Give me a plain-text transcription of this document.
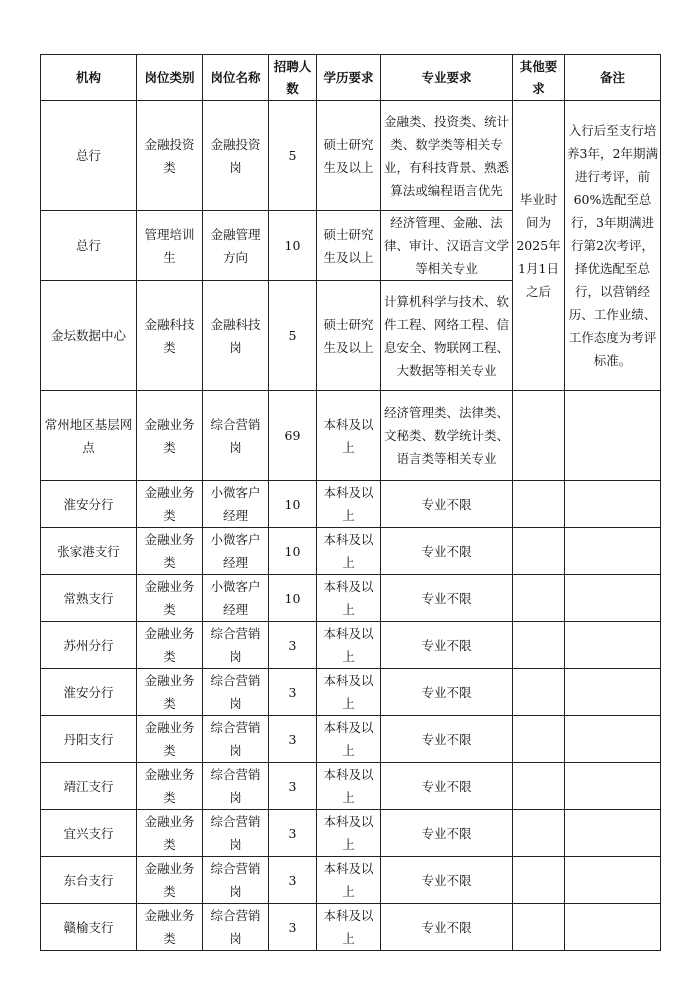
机构	岗位类别	岗位名称	招聘人数	学历要求	专业要求	其他要求	备注
总行	金融投资类	金融投资岗	5	硕士研究生及以上	金融类、投资类、统计类、数学类等相关专业，有科技背景、熟悉算法或编程语言优先	毕业时间为2025年1月1日之后	入行后至支行培养3年，2年期满进行考评，前60%选配至总行，3年期满进行第2次考评，择优选配至总行，以营销经历、工作业绩、工作态度为考评标准。
总行	管理培训生	金融管理方向	10	硕士研究生及以上	经济管理、金融、法律、审计、汉语言文学等相关专业		
金坛数据中心	金融科技类	金融科技岗	5	硕士研究生及以上	计算机科学与技术、软件工程、网络工程、信息安全、物联网工程、大数据等相关专业		
常州地区基层网点	金融业务类	综合营销岗	69	本科及以上	经济管理类、法律类、文秘类、数学统计类、语言类等相关专业		
淮安分行	金融业务类	小微客户经理	10	本科及以上	专业不限		
张家港支行	金融业务类	小微客户经理	10	本科及以上	专业不限		
常熟支行	金融业务类	小微客户经理	10	本科及以上	专业不限		
苏州分行	金融业务类	综合营销岗	3	本科及以上	专业不限		
淮安分行	金融业务类	综合营销岗	3	本科及以上	专业不限		
丹阳支行	金融业务类	综合营销岗	3	本科及以上	专业不限		
靖江支行	金融业务类	综合营销岗	3	本科及以上	专业不限		
宜兴支行	金融业务类	综合营销岗	3	本科及以上	专业不限		
东台支行	金融业务类	综合营销岗	3	本科及以上	专业不限		
赣榆支行	金融业务类	综合营销岗	3	本科及以上	专业不限		
